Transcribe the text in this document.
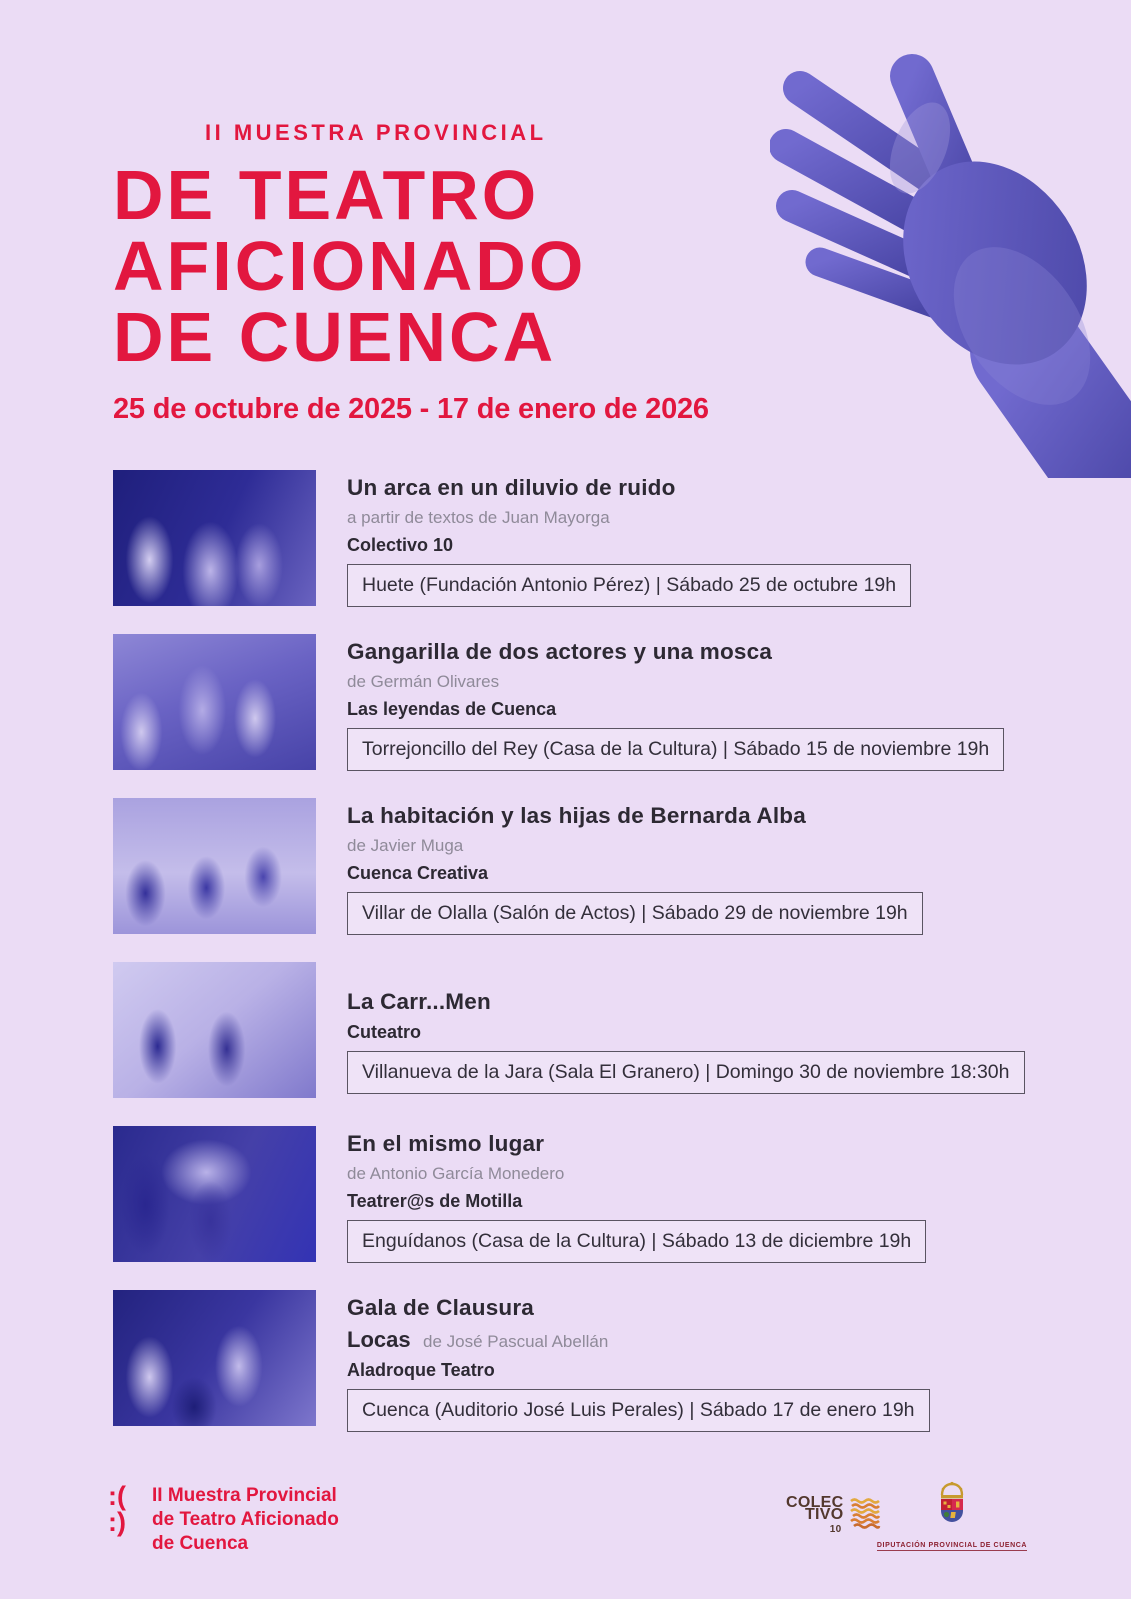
II MUESTRA PROVINCIAL
DE TEATRO
AFICIONADO
DE CUENCA
25 de octubre de 2025 - 17 de enero de 2026
Un arca en un diluvio de ruido
a partir de textos de Juan Mayorga
Colectivo 10
Huete (Fundación Antonio Pérez) | Sábado 25 de octubre 19h
Gangarilla de dos actores y una mosca
de Germán Olivares
Las leyendas de Cuenca
Torrejoncillo del Rey (Casa de la Cultura) | Sábado 15 de noviembre 19h
La habitación y las hijas de Bernarda Alba
de Javier Muga
Cuenca Creativa
Villar de Olalla (Salón de Actos) | Sábado 29 de noviembre 19h
La Carr...Men
Cuteatro
Villanueva de la Jara (Sala El Granero) | Domingo 30 de noviembre 18:30h
En el mismo lugar
de Antonio García Monedero
Teatrer@s de Motilla
Enguídanos (Casa de la Cultura) | Sábado 13 de diciembre 19h
Gala de Clausura
Locas de José Pascual Abellán
Aladroque Teatro
Cuenca (Auditorio José Luis Perales) | Sábado 17 de enero 19h
:(
:)
II Muestra Provincial
de Teatro Aficionado
de Cuenca
COLEC
TIVO
10

DIPUTACIÓN PROVINCIAL DE CUENCA
